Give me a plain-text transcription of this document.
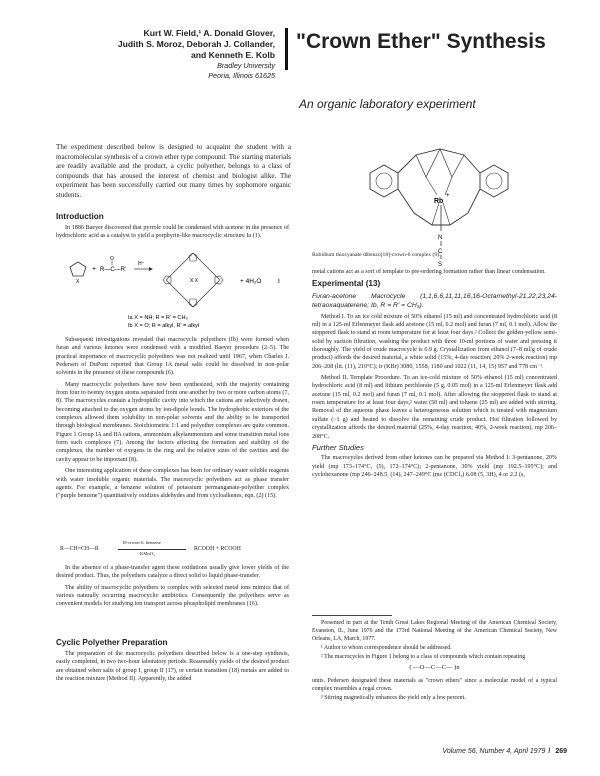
Kurt W. Field,¹ A. Donald Glover,
Judith S. Moroz, Deborah J. Collander,
and Kenneth E. Kolb
Bradley University
Peoria, Illinois 61625
"Crown Ether" Synthesis
An organic laboratory experiment
The experiment described below is designed to acquaint the student with a macromolecular synthesis of a crown ether type compound. The starting materials are readily available and the product, a cyclic polyether, belongs to a class of compounds that has aroused the interest of chemist and biologist alike. The experiment has been successfully carried out many times by sophomore organic students.
Introduction

In 1886 Baeyer discovered that pyrrole could be condensed with acetone in the presence of hydrochloric acid as a catalyst to yield a porphyrin-like macrocyclic structure Ia (1).

X
+ R—C—R'
O
H⁺
X X	+ 4H₂O	I
Ia X = NH; R = R' = CH₃
Ib X = O; R = alkyl, R' = alkyl

Subsequent investigations revealed that macrocyclic polyethers (Ib) were formed when furan and various ketones were condensed with a modified Baeyer procedure (2–5). The practical importance of macrocyclic polyethers was not realized until 1967, when Charles J. Pedersen of DuPont reported that Group IA metal salts could be dissolved in non-polar solvents in the presence of these compounds (6).

Many macrocyclic polyethers have now been synthesized, with the majority containing from four to twenty oxygen atoms separated from one another by two or more carbon atoms (7, 8). The macrocycles contain a hydrophilic cavity into which the cations are selectively drawn, becoming attached to the oxygen atoms by ion-dipole bonds. The hydrophobic exteriors of the complexes allowed them solubility in non-polar solvents and the ability to be transported through biological membranes. Stoichiometric 1:1 and polyether complexes are quite common. Figure 1 Group IA and IIA cations, ammonium alkylammonium and some transition metal ions form such complexes (7). Among the factors affecting the formation and stability of the complexes, the number of oxygens in the ring and the relative sizes of the cavities and the cavity appear to be important (8).

One interesting application of these complexes has been for ordinary water soluble reagents with water insoluble organic materials. The macrocyclic polyethers act as phase transfer agents. For example, a benzene solution of potassium permanganate-polyether complex ("purple benzene") quantitatively oxidizes aldehydes and from cycloalkenes, eqn. (2) (15).

R—CH=CH—R
18-crown-6, benzene
KMnO₄
RCOOH + RCOOH

In the absence of a phase-transfer agent these oxidations usually give lower yields of the desired product. Thus, the polyethers catalyze a direct solid to liquid phase-transfer.

The ability of macrocyclic polyethers to complex with selected metal ions mimics that of various naturally occurring macrocyclic antibiotics. Consequently the polyethers serve as convenient models for studying ion transport across phospholipid membranes (16).

Cyclic Polyether Preparation

The preparation of the macrocyclic polyethers described below is a one-step synthesis, easily completed, in two two-hour laboratory periods. Reasonably yields of the desired product are obtained when salts of group I, group II (17), or certain transition (18) metals are added to the reaction mixture (Method II). Apparently, the added

Rb
+
N
C
S
Rubidium thiocyanate dibenzo[18]-crown-6 complex (9).

metal cations act as a sort of template to pre-ordering formation rather than linear condensation.

Experimental (13)

Furan-acetone Macrocycle (1,1,6,6,11,11,16,16-Octamethyl-21,22,23,24-tetraoxaquaterene; Ib, R = R' = CH₃).

Method I. To an ice cold mixture of 50% ethanol (15 ml) and concentrated hydrochloric acid (8 ml) in a 125-ml Erlenmeyer flask add acetone (15 ml, 0.2 mol) and furan (7 ml, 0.1 mol). Allow the stoppered flask to stand at room temperature for at least four days.² Collect the golden-yellow semi-solid by suction filtration, washing the product with three 10-ml portions of water and pressing it thoroughly. The yield of crude macrocycle is 6.9 g. Crystallization from ethanol (7–8 ml/g of crude product) affords the desired material, a white solid (15%, 4-day reaction; 20% 2-week reaction) mp 206–208 (lit. (11), 210°C); ir (KBr) 3080, 1558, 1180 and 1022 (11, 14, 15) 957 and 778 cm⁻¹.

Method II. Template Procedure. To an ice-cold mixture of 50% ethanol (15 ml) concentrated hydrochloric acid (8 ml) and lithium perchlorate (5 g, 0.05 mol) in a 125-ml Erlenmeyer flask add acetone (15 ml, 0.2 mol) and furan (7 ml, 0.1 mol). After allowing the stoppered flask to stand at room temperature for at least four days,² water (50 ml) and toluene (25 ml) are added with stirring. Removal of the aqueous phase leaves a heterogeneous solution which is treated with magnesium sulfate (~1 g) and heated to dissolve the remaining crude product. Hot filtration followed by crystallization affords the desired material (25%, 4-day reaction; 40%, 2-week reaction), mp 206–208°C.

Further Studies

The macrocycles derived from other ketones can be prepared via Method I: 3-pentanone, 20% yield (mp 173–174°C, (5), 172–174°C); 2-pentanone, 30% yield (mp 192.5–195°C); and cyclohexanone (mp 246–248.5, (14), 247–249°C (mc (CDCl₃) 6.08 (5, 3H), 4 or 2.2 (s,

Presented in part at the Tenth Great Lakes Regional Meeting of the American Chemical Society, Evanston, IL, June 1976 and the 173rd National Meeting of the American Chemical Society, New Orleans, LA, March, 1977.

¹ Author to whom correspondence should be addressed.

² The macrocycles in Figure 1 belong to a class of compounds which contain repeating

( —O—C—C— )n

units. Pedersen designated these materials as "crown ethers" since a molecular model of a typical complex resembles a regal crown.

³ Stirring magnetically enhances the yield only a few percent.

Volume 56, Number 4, April 1979 / 269
